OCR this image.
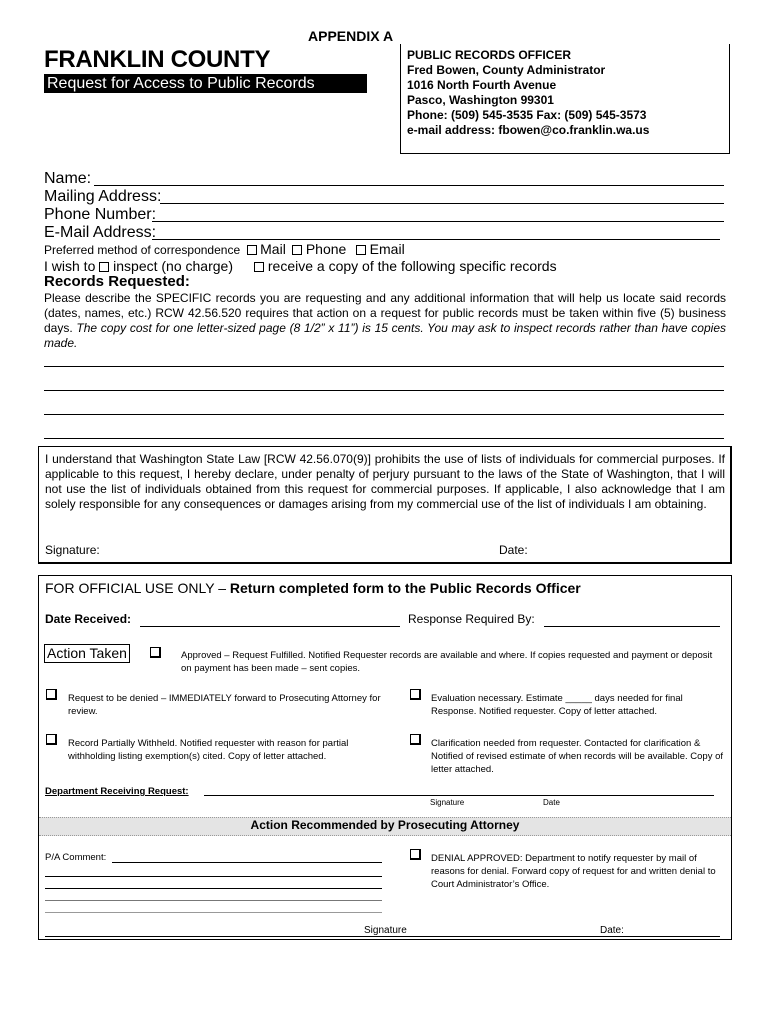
APPENDIX A
FRANKLIN COUNTY
Request for Access to Public Records
PUBLIC RECORDS OFFICER
Fred Bowen, County Administrator
1016 North Fourth Avenue
Pasco, Washington 99301
Phone: (509) 545-3535 Fax: (509) 545-3573
e-mail address: fbowen@co.franklin.wa.us
Name:
Mailing Address:
Phone Number:
E-Mail Address:
Preferred method of correspondence Mail Phone Email
I wish to inspect (no charge)	receive a copy of the following specific records
Records Requested:
Please describe the SPECIFIC records you are requesting and any additional information that will help us locate said records (dates, names, etc.) RCW 42.56.520 requires that action on a request for public records must be taken within five (5) business days. The copy cost for one letter-sized page (8 1/2” x 11”) is 15 cents. You may ask to inspect records rather than have copies made.
I understand that Washington State Law [RCW 42.56.070(9)] prohibits the use of lists of individuals for commercial purposes. If applicable to this request, I hereby declare, under penalty of perjury pursuant to the laws of the State of Washington, that I will not use the list of individuals obtained from this request for commercial purposes. If applicable, I also acknowledge that I am solely responsible for any consequences or damages arising from my commercial use of the list of individuals I am obtaining.
Signature:	Date:
FOR OFFICIAL USE ONLY – Return completed form to the Public Records Officer
Date Received:	Response Required By:
Action Taken	Approved – Request Fulfilled. Notified Requester records are available and where. If copies requested and payment or deposit on payment has been made – sent copies.
Request to be denied – IMMEDIATELY forward to Prosecuting Attorney for review.
Evaluation necessary. Estimate _____ days needed for final Response. Notified requester. Copy of letter attached.
Record Partially Withheld. Notified requester with reason for partial withholding listing exemption(s) cited. Copy of letter attached.
Clarification needed from requester. Contacted for clarification & Notified of revised estimate of when records will be available. Copy of letter attached.
Department Receiving Request:
Signature	Date
Action Recommended by Prosecuting Attorney
P/A Comment:	DENIAL APPROVED: Department to notify requester by mail of reasons for denial. Forward copy of request for and written denial to Court Administrator’s Office.
Signature	Date:
